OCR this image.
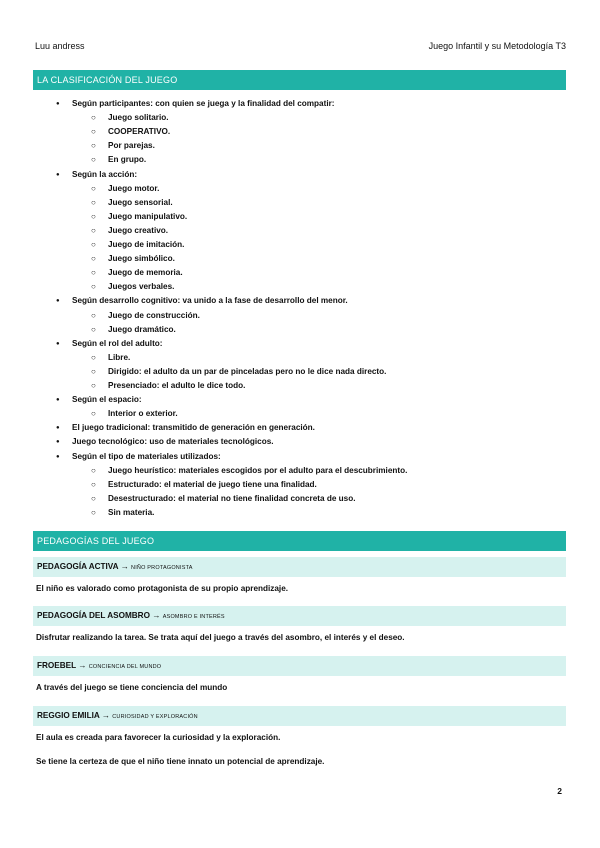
Luu andress	Juego Infantil y su Metodología T3
LA CLASIFICACIÓN DEL JUEGO
● Según participantes: con quien se juega y la finalidad del compatir:
○ Juego solitario.
○ COOPERATIVO.
○ Por parejas.
○ En grupo.
● Según la acción:
○ Juego motor.
○ Juego sensorial.
○ Juego manipulativo.
○ Juego creativo.
○ Juego de imitación.
○ Juego simbólico.
○ Juego de memoria.
○ Juegos verbales.
● Según desarrollo cognitivo: va unido a la fase de desarrollo del menor.
○ Juego de construcción.
○ Juego dramático.
● Según el rol del adulto:
○ Libre.
○ Dirigido: el adulto da un par de pinceladas pero no le dice nada directo.
○ Presenciado: el adulto le dice todo.
● Según el espacio:
○ Interior o exterior.
● El juego tradicional: transmitido de generación en generación.
● Juego tecnológico: uso de materiales tecnológicos.
● Según el tipo de materiales utilizados:
○ Juego heurístico: materiales escogidos por el adulto para el descubrimiento.
○ Estructurado: el material de juego tiene una finalidad.
○ Desestructurado: el material no tiene finalidad concreta de uso.
○ Sin materia.
PEDAGOGÍAS DEL JUEGO
PEDAGOGÍA ACTIVA → NIÑO PROTAGONISTA
El niño es valorado como protagonista de su propio aprendizaje.
PEDAGOGÍA DEL ASOMBRO → ASOMBRO E INTERÉS
Disfrutar realizando la tarea. Se trata aquí del juego a través del asombro, el interés y el deseo.
FROEBEL → CONCIENCIA DEL MUNDO
A través del juego se tiene conciencia del mundo
REGGIO EMILIA → CURIOSIDAD Y EXPLORACIÓN
El aula es creada para favorecer la curiosidad y la exploración.
Se tiene la certeza de que el niño tiene innato un potencial de aprendizaje.
2
